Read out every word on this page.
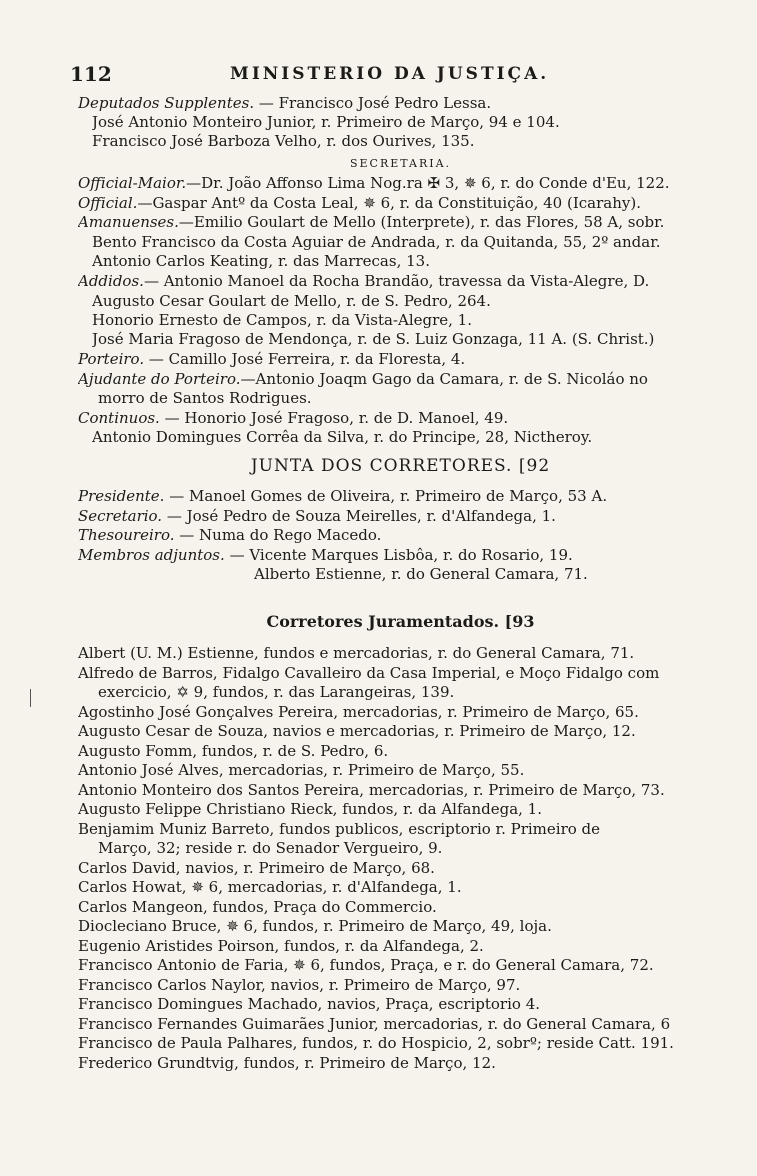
112	MINISTERIO DA JUSTIÇA.
Deputados Supplentes. — Francisco José Pedro Lessa.
José Antonio Monteiro Junior, r. Primeiro de Março, 94 e 104.
Francisco José Barboza Velho, r. dos Ourives, 135.
SECRETARIA.
Official-Maior.—Dr. João Affonso Lima Nog.ra ✠ 3, ✵ 6, r. do Conde d'Eu, 122.
Official.—Gaspar Antº da Costa Leal, ✵ 6, r. da Constituição, 40 (Icarahy).
Amanuenses.—Emilio Goulart de Mello (Interprete), r. das Flores, 58 A, sobr.
Bento Francisco da Costa Aguiar de Andrada, r. da Quitanda, 55, 2º andar.
Antonio Carlos Keating, r. das Marrecas, 13.
Addidos.— Antonio Manoel da Rocha Brandão, travessa da Vista-Alegre, D.
Augusto Cesar Goulart de Mello, r. de S. Pedro, 264.
Honorio Ernesto de Campos, r. da Vista-Alegre, 1.
José Maria Fragoso de Mendonça, r. de S. Luiz Gonzaga, 11 A. (S. Christ.)
Porteiro. — Camillo José Ferreira, r. da Floresta, 4.
Ajudante do Porteiro.—Antonio Joaqm Gago da Camara, r. de S. Nicoláo no
morro de Santos Rodrigues.
Continuos. — Honorio José Fragoso, r. de D. Manoel, 49.
Antonio Domingues Corrêa da Silva, r. do Principe, 28, Nictheroy.
JUNTA DOS CORRETORES. [92
Presidente. — Manoel Gomes de Oliveira, r. Primeiro de Março, 53 A.
Secretario. — José Pedro de Souza Meirelles, r. d'Alfandega, 1.
Thesoureiro. — Numa do Rego Macedo.
Membros adjuntos. — Vicente Marques Lisbôa, r. do Rosario, 19.
Alberto Estienne, r. do General Camara, 71.
Corretores Juramentados. [93
Albert (U. M.) Estienne, fundos e mercadorias, r. do General Camara, 71.
Alfredo de Barros, Fidalgo Cavalleiro da Casa Imperial, e Moço Fidalgo com
exercicio, ✡ 9, fundos, r. das Larangeiras, 139.
Agostinho José Gonçalves Pereira, mercadorias, r. Primeiro de Março, 65.
Augusto Cesar de Souza, navios e mercadorias, r. Primeiro de Março, 12.
Augusto Fomm, fundos, r. de S. Pedro, 6.
Antonio José Alves, mercadorias, r. Primeiro de Março, 55.
Antonio Monteiro dos Santos Pereira, mercadorias, r. Primeiro de Março, 73.
Augusto Felippe Christiano Rieck, fundos, r. da Alfandega, 1.
Benjamim Muniz Barreto, fundos publicos, escriptorio r. Primeiro de
Março, 32; reside r. do Senador Vergueiro, 9.
Carlos David, navios, r. Primeiro de Março, 68.
Carlos Howat, ✵ 6, mercadorias, r. d'Alfandega, 1.
Carlos Mangeon, fundos, Praça do Commercio.
Diocleciano Bruce, ✵ 6, fundos, r. Primeiro de Março, 49, loja.
Eugenio Aristides Poirson, fundos, r. da Alfandega, 2.
Francisco Antonio de Faria, ✵ 6, fundos, Praça, e r. do General Camara, 72.
Francisco Carlos Naylor, navios, r. Primeiro de Março, 97.
Francisco Domingues Machado, navios, Praça, escriptorio 4.
Francisco Fernandes Guimarães Junior, mercadorias, r. do General Camara, 6
Francisco de Paula Palhares, fundos, r. do Hospicio, 2, sobrº; reside Catt. 191.
Frederico Grundtvig, fundos, r. Primeiro de Março, 12.
